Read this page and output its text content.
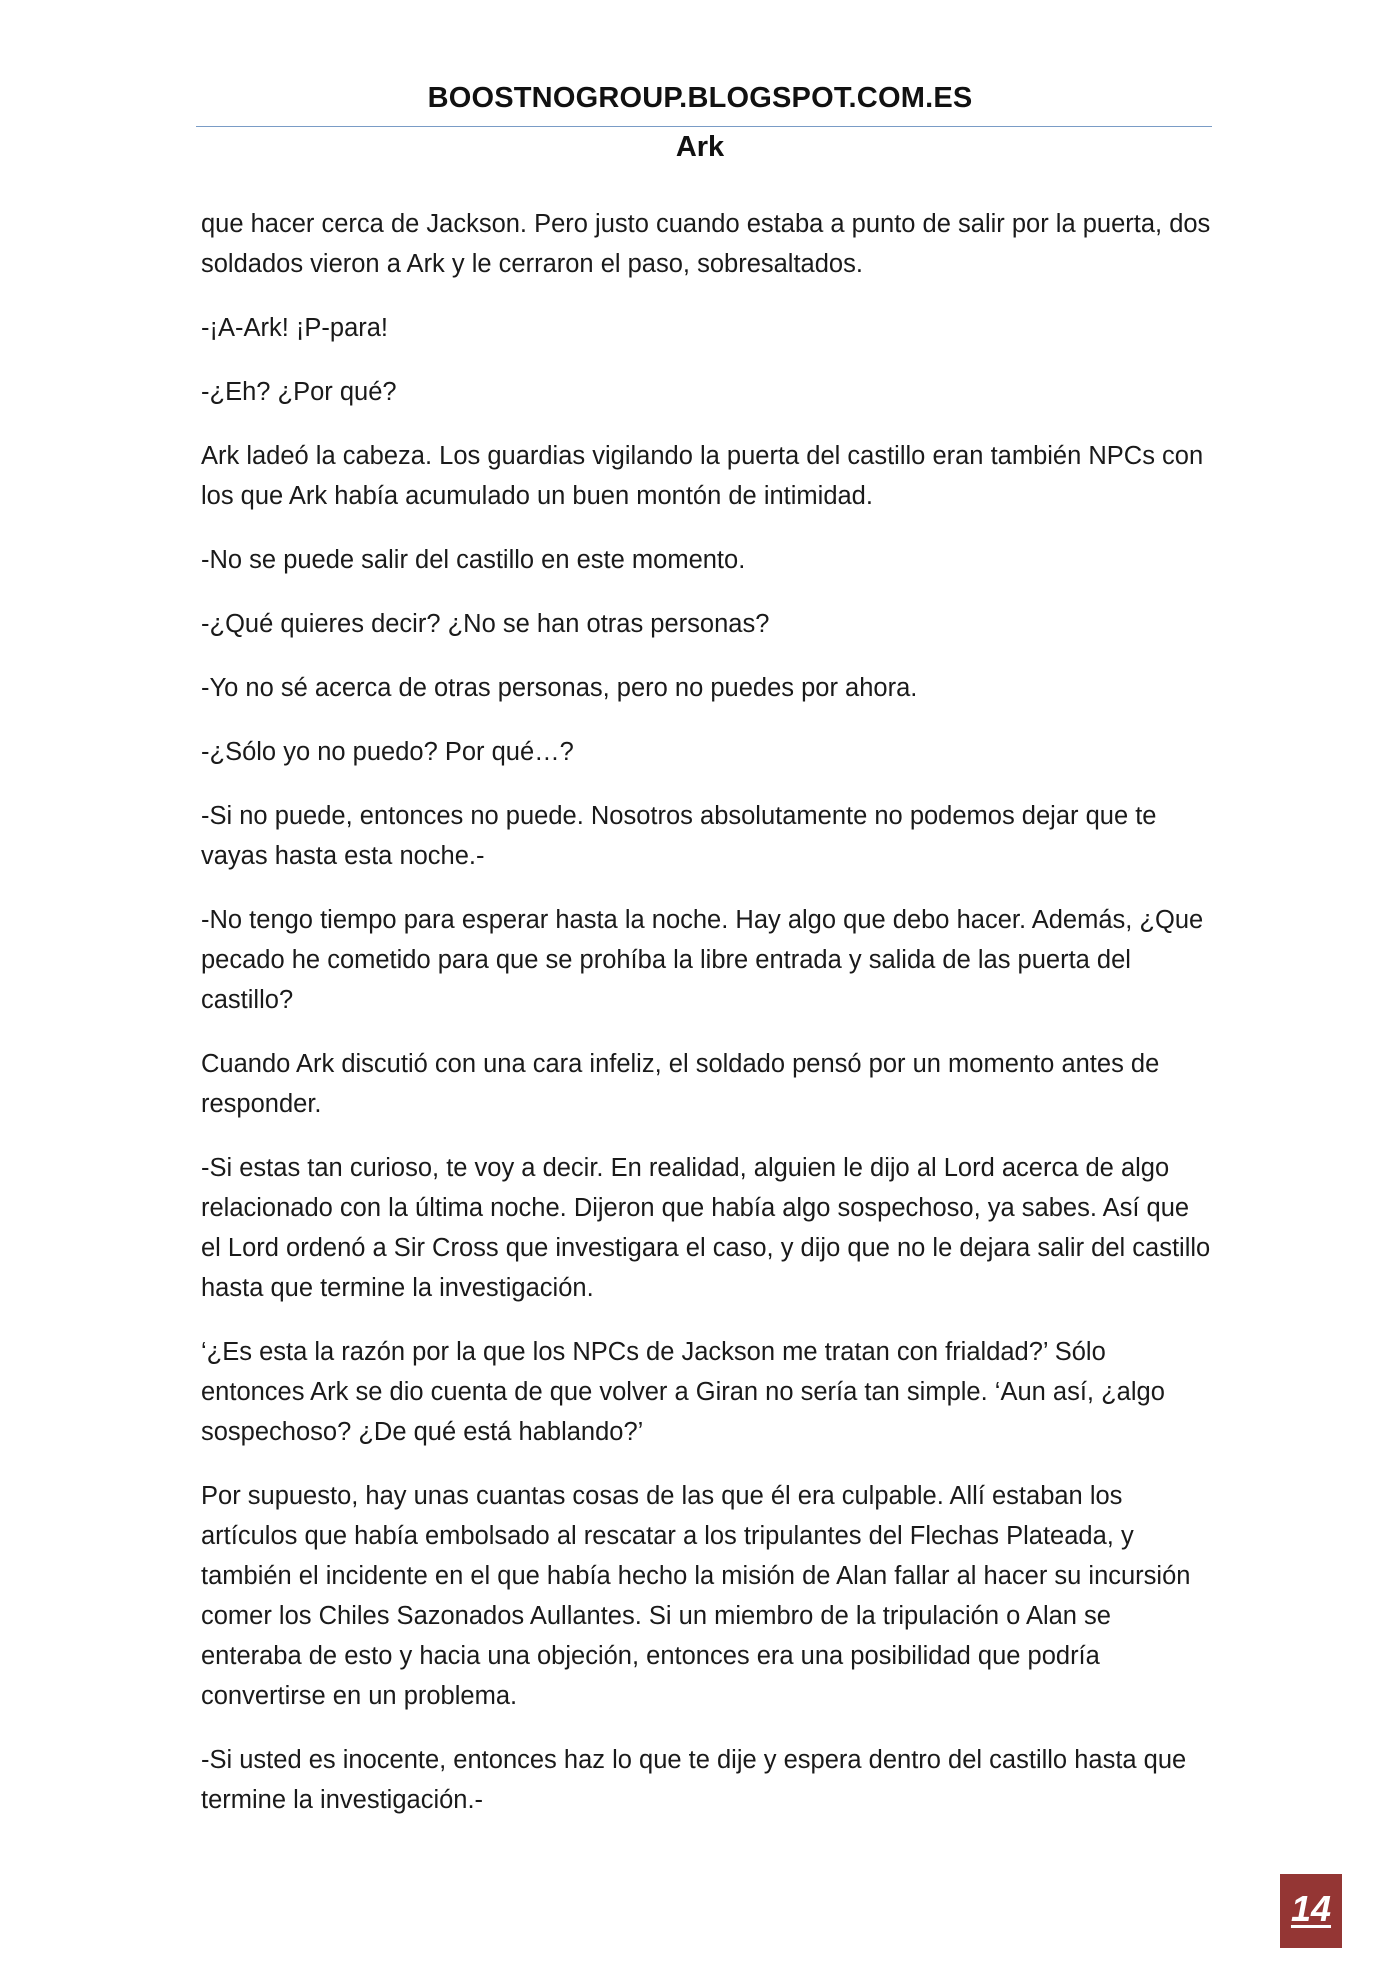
BOOSTNOGROUP.BLOGSPOT.COM.ES
Ark

que hacer cerca de Jackson. Pero justo cuando estaba a punto de salir por la puerta, dos soldados vieron a Ark y le cerraron el paso, sobresaltados.

-¡A-Ark! ¡P-para!

-¿Eh? ¿Por qué?

Ark ladeó la cabeza. Los guardias vigilando la puerta del castillo eran también NPCs con los que Ark había acumulado un buen montón de intimidad.

-No se puede salir del castillo en este momento.

-¿Qué quieres decir? ¿No se han otras personas?

-Yo no sé acerca de otras personas, pero no puedes por ahora.

-¿Sólo yo no puedo? Por qué…?

-Si no puede, entonces no puede. Nosotros absolutamente no podemos dejar que te vayas hasta esta noche.-

-No tengo tiempo para esperar hasta la noche. Hay algo que debo hacer. Además, ¿Que pecado he cometido para que se prohíba la libre entrada y salida de las puerta del castillo?

Cuando Ark discutió con una cara infeliz, el soldado pensó por un momento antes de responder.

-Si estas tan curioso, te voy a decir. En realidad, alguien le dijo al Lord acerca de algo relacionado con la última noche. Dijeron que había algo sospechoso, ya sabes. Así que el Lord ordenó a Sir Cross que investigara el caso, y dijo que no le dejara salir del castillo hasta que termine la investigación.

‘¿Es esta la razón por la que los NPCs de Jackson me tratan con frialdad?’ Sólo entonces Ark se dio cuenta de que volver a Giran no sería tan simple. ‘Aun así, ¿algo sospechoso? ¿De qué está hablando?’

Por supuesto, hay unas cuantas cosas de las que él era culpable. Allí estaban los artículos que había embolsado al rescatar a los tripulantes del Flechas Plateada, y también el incidente en el que había hecho la misión de Alan fallar al hacer su incursión comer los Chiles Sazonados Aullantes. Si un miembro de la tripulación o Alan se enteraba de esto y hacia una objeción, entonces era una posibilidad que podría convertirse en un problema.

-Si usted es inocente, entonces haz lo que te dije y espera dentro del castillo hasta que termine la investigación.-

14
